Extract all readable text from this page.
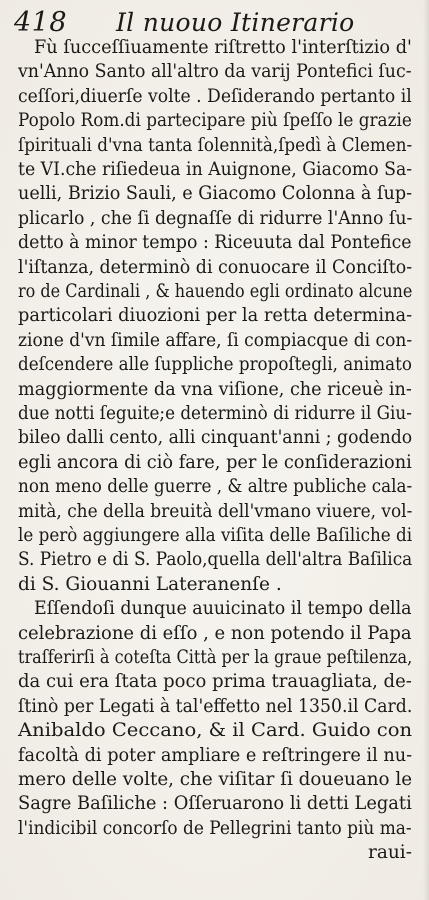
418 Il nuouo Itinerario
Fù ſucceſſiuamente riſtretto l'interſtizio d'
vn'Anno Santo all'altro da varij Pontefici ſuc-
ceſſori,diuerſe volte . Deſiderando pertanto il
Popolo Rom.di partecipare più ſpeſſo le grazie
ſpirituali d'vna tanta ſolennità,ſpedì à Clemen-
te VI.che riſiedeua in Auignone, Giacomo Sa-
uelli, Brizio Sauli, e Giacomo Colonna à ſup-
plicarlo , che ſi degnaſſe di ridurre l'Anno ſu-
detto à minor tempo : Riceuuta dal Pontefice
l'iſtanza, determinò di conuocare il Conciſto-
ro de Cardinali , & hauendo egli ordinato alcune
particolari diuozioni per la retta determina-
zione d'vn ſimile affare, ſi compiacque di con-
deſcendere alle ſuppliche propoſtegli, animato
maggiormente da vna viſione, che riceuè in-
due notti ſeguite;e determinò di ridurre il Giu-
bileo dalli cento, alli cinquant'anni ; godendo
egli ancora di ciò fare, per le conſiderazioni
non meno delle guerre , & altre publiche cala-
mità, che della breuità dell'vmano viuere, vol-
le però aggiungere alla viſita delle Baſiliche di
S. Pietro e di S. Paolo,quella dell'altra Baſilica
di S. Giouanni Lateranenſe .
Eſſendoſi dunque auuicinato il tempo della
celebrazione di eſſo , e non potendo il Papa
traſferirſi à coteſta Città per la graue peſtilenza,
da cui era ſtata poco prima trauagliata, de-
ſtinò per Legati à tal'effetto nel 1350.il Card.
Anibaldo Ceccano, & il Card. Guido con
facoltà di poter ampliare e reſtringere il nu-
mero delle volte, che viſitar ſi doueuano le
Sagre Baſiliche : Oſſeruarono li detti Legati
l'indicibil concorſo de Pellegrini tanto più ma-
raui-
